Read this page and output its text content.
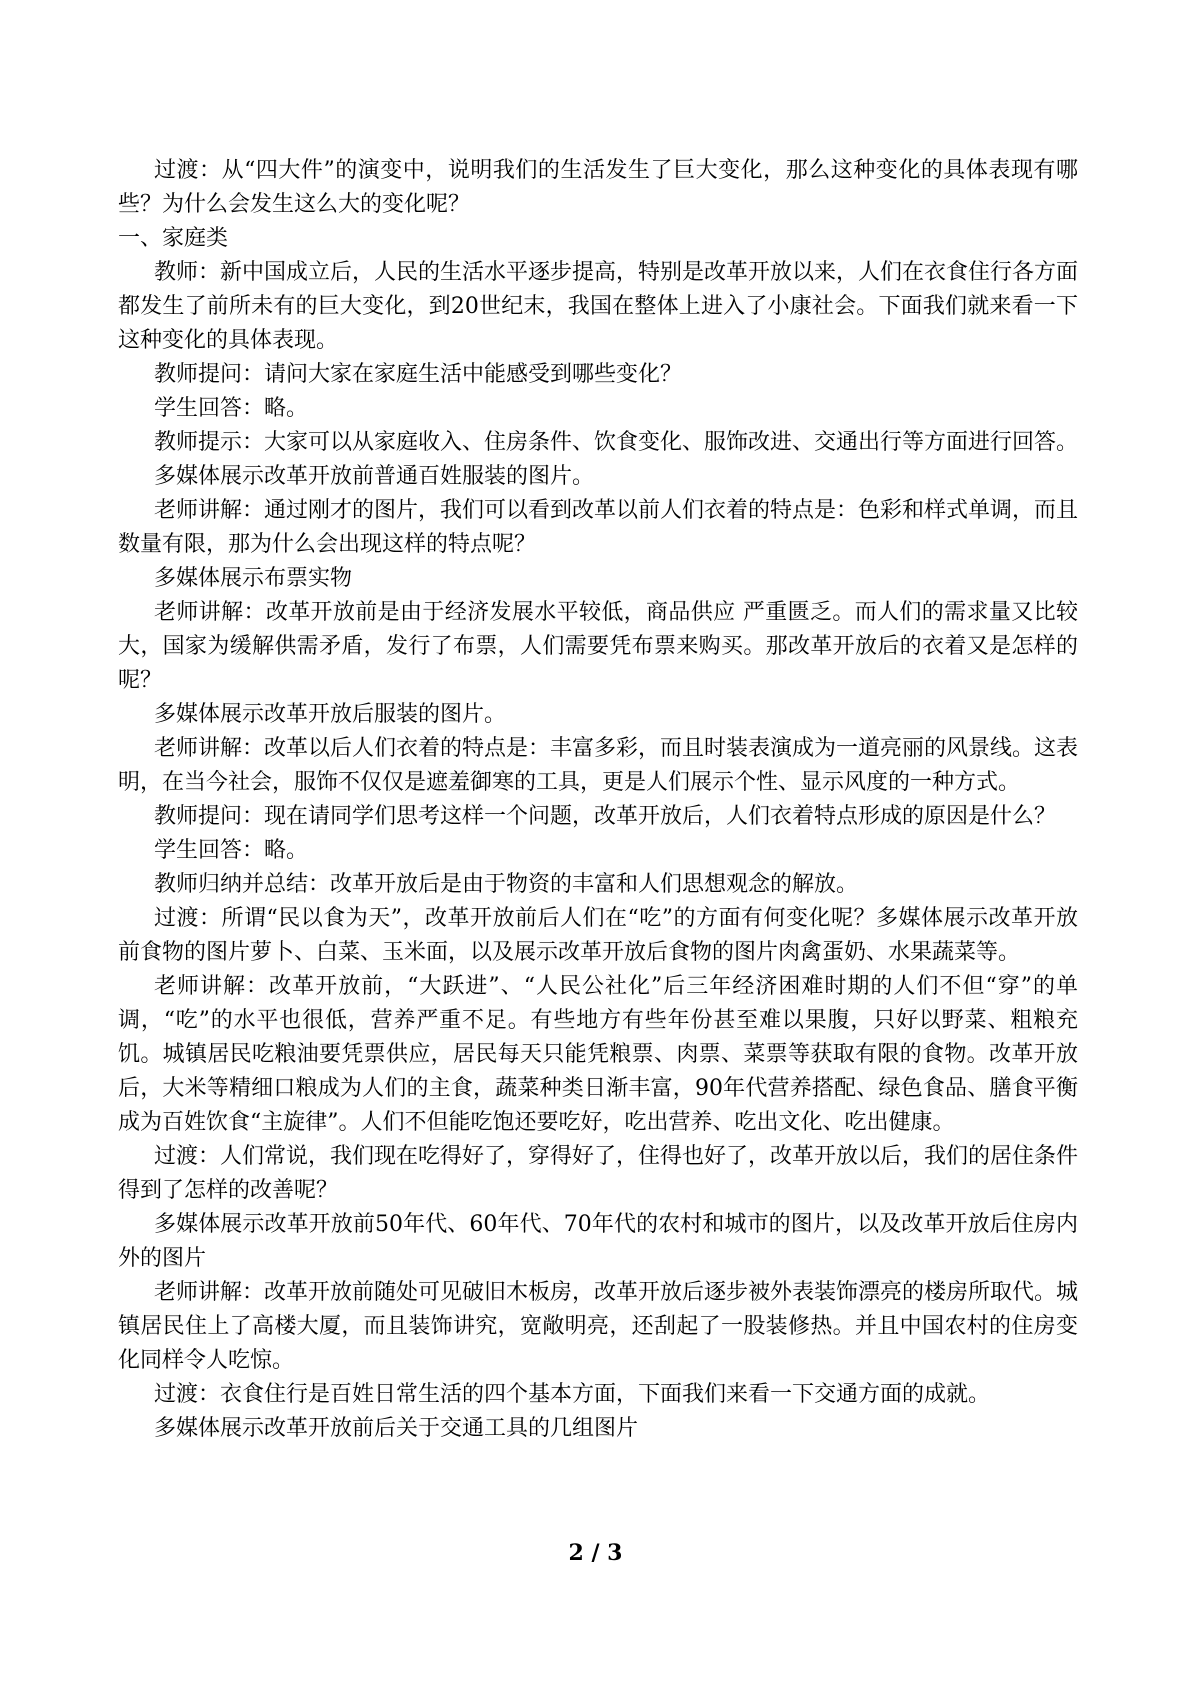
过渡：从“四大件”的演变中，说明我们的生活发生了巨大变化，那么这种变化的具体表现有哪些？为什么会发生这么大的变化呢？

一、家庭类

教师：新中国成立后，人民的生活水平逐步提高，特别是改革开放以来，人们在衣食住行各方面都发生了前所未有的巨大变化，到20世纪末，我国在整体上进入了小康社会。下面我们就来看一下这种变化的具体表现。

教师提问：请问大家在家庭生活中能感受到哪些变化？

学生回答：略。

教师提示：大家可以从家庭收入、住房条件、饮食变化、服饰改进、交通出行等方面进行回答。

多媒体展示改革开放前普通百姓服装的图片。

老师讲解：通过刚才的图片，我们可以看到改革以前人们衣着的特点是：色彩和样式单调，而且数量有限，那为什么会出现这样的特点呢？

多媒体展示布票实物

老师讲解：改革开放前是由于经济发展水平较低，商品供应 严重匮乏。而人们的需求量又比较大，国家为缓解供需矛盾，发行了布票，人们需要凭布票来购买。那改革开放后的衣着又是怎样的呢？

多媒体展示改革开放后服装的图片。

老师讲解：改革以后人们衣着的特点是：丰富多彩，而且时装表演成为一道亮丽的风景线。这表明，在当今社会，服饰不仅仅是遮羞御寒的工具，更是人们展示个性、显示风度的一种方式。

教师提问：现在请同学们思考这样一个问题，改革开放后，人们衣着特点形成的原因是什么？

学生回答：略。

教师归纳并总结：改革开放后是由于物资的丰富和人们思想观念的解放。

过渡：所谓“民以食为天”，改革开放前后人们在“吃”的方面有何变化呢？多媒体展示改革开放前食物的图片萝卜、白菜、玉米面，以及展示改革开放后食物的图片肉禽蛋奶、水果蔬菜等。

老师讲解：改革开放前，“大跃进”、“人民公社化”后三年经济困难时期的人们不但“穿”的单调，“吃”的水平也很低，营养严重不足。有些地方有些年份甚至难以果腹，只好以野菜、粗粮充饥。城镇居民吃粮油要凭票供应，居民每天只能凭粮票、肉票、菜票等获取有限的食物。改革开放后，大米等精细口粮成为人们的主食，蔬菜种类日渐丰富，90年代营养搭配、绿色食品、膳食平衡成为百姓饮食“主旋律”。人们不但能吃饱还要吃好，吃出营养、吃出文化、吃出健康。

过渡：人们常说，我们现在吃得好了，穿得好了，住得也好了，改革开放以后，我们的居住条件得到了怎样的改善呢？

多媒体展示改革开放前50年代、60年代、70年代的农村和城市的图片，以及改革开放后住房内外的图片

老师讲解：改革开放前随处可见破旧木板房，改革开放后逐步被外表装饰漂亮的楼房所取代。城镇居民住上了高楼大厦，而且装饰讲究，宽敞明亮，还刮起了一股装修热。并且中国农村的住房变化同样令人吃惊。

过渡：衣食住行是百姓日常生活的四个基本方面，下面我们来看一下交通方面的成就。

多媒体展示改革开放前后关于交通工具的几组图片

2 / 3
